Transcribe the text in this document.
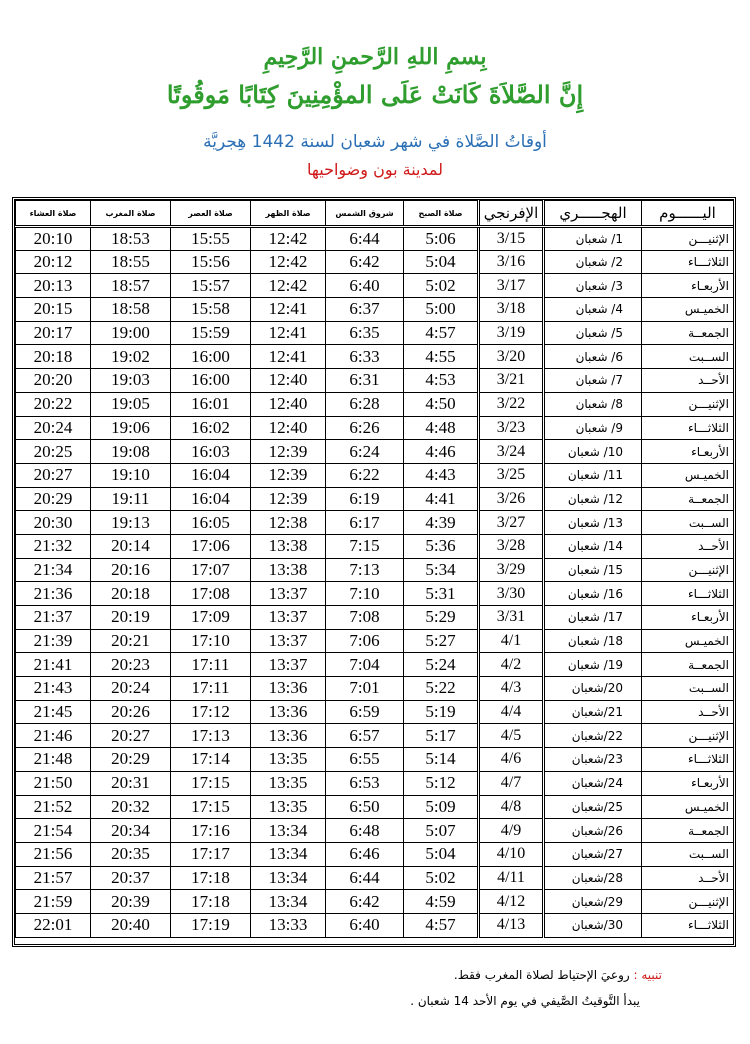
بِسمِ اللهِ الرَّحمنِ الرَّحِيمِ
إِنَّ الصَّلاَةَ كَانَتْ عَلَى المؤْمِنِينَ كِتَابًا مَوقُوتًا
أوقاتُ الصَّلاة في شهر شعبان لسنة 1442 هِجريَّة
لمدينة بون وضواحيها
صلاة العشاء	صلاة المغرب	صلاة العصر	صلاة الظهر	شروق الشمس	صلاة الصبح	الإفرنجي	الهجـــــري	اليــــــوم
20:10	18:53	15:55	12:42	6:44	5:06	3/15	1/ شعبان	الإثنيـــن
20:12	18:55	15:56	12:42	6:42	5:04	3/16	2/ شعبان	الثلاثـــاء
20:13	18:57	15:57	12:42	6:40	5:02	3/17	3/ شعبان	الأربعـاء
20:15	18:58	15:58	12:41	6:37	5:00	3/18	4/ شعبان	الخميـس
20:17	19:00	15:59	12:41	6:35	4:57	3/19	5/ شعبان	الجمعــة
20:18	19:02	16:00	12:41	6:33	4:55	3/20	6/ شعبان	الســبت
20:20	19:03	16:00	12:40	6:31	4:53	3/21	7/ شعبان	الأحــد
20:22	19:05	16:01	12:40	6:28	4:50	3/22	8/ شعبان	الإثنيـــن
20:24	19:06	16:02	12:40	6:26	4:48	3/23	9/ شعبان	الثلاثـــاء
20:25	19:08	16:03	12:39	6:24	4:46	3/24	10/ شعبان	الأربعـاء
20:27	19:10	16:04	12:39	6:22	4:43	3/25	11/ شعبان	الخميـس
20:29	19:11	16:04	12:39	6:19	4:41	3/26	12/ شعبان	الجمعــة
20:30	19:13	16:05	12:38	6:17	4:39	3/27	13/ شعبان	الســبت
21:32	20:14	17:06	13:38	7:15	5:36	3/28	14/ شعبان	الأحــد
21:34	20:16	17:07	13:38	7:13	5:34	3/29	15/ شعبان	الإثنيـــن
21:36	20:18	17:08	13:37	7:10	5:31	3/30	16/ شعبان	الثلاثـــاء
21:37	20:19	17:09	13:37	7:08	5:29	3/31	17/ شعبان	الأربعـاء
21:39	20:21	17:10	13:37	7:06	5:27	4/1	18/ شعبان	الخميـس
21:41	20:23	17:11	13:37	7:04	5:24	4/2	19/ شعبان	الجمعــة
21:43	20:24	17:11	13:36	7:01	5:22	4/3	20/شعبان	الســبت
21:45	20:26	17:12	13:36	6:59	5:19	4/4	21/شعبان	الأحــد
21:46	20:27	17:13	13:36	6:57	5:17	4/5	22/شعبان	الإثنيـــن
21:48	20:29	17:14	13:35	6:55	5:14	4/6	23/شعبان	الثلاثـــاء
21:50	20:31	17:15	13:35	6:53	5:12	4/7	24/شعبان	الأربعـاء
21:52	20:32	17:15	13:35	6:50	5:09	4/8	25/شعبان	الخميـس
21:54	20:34	17:16	13:34	6:48	5:07	4/9	26/شعبان	الجمعــة
21:56	20:35	17:17	13:34	6:46	5:04	4/10	27/شعبان	الســبت
21:57	20:37	17:18	13:34	6:44	5:02	4/11	28/شعبان	الأحــد
21:59	20:39	17:18	13:34	6:42	4:59	4/12	29/شعبان	الإثنيـــن
22:01	20:40	17:19	13:33	6:40	4:57	4/13	30/شعبان	الثلاثـــاء
تنبيه : روعيَ الإحتياط لصلاة المغرب فقط.
يبدأ التَّوقيتُ الصَّيفي في يوم الأحد 14 شعبان .
